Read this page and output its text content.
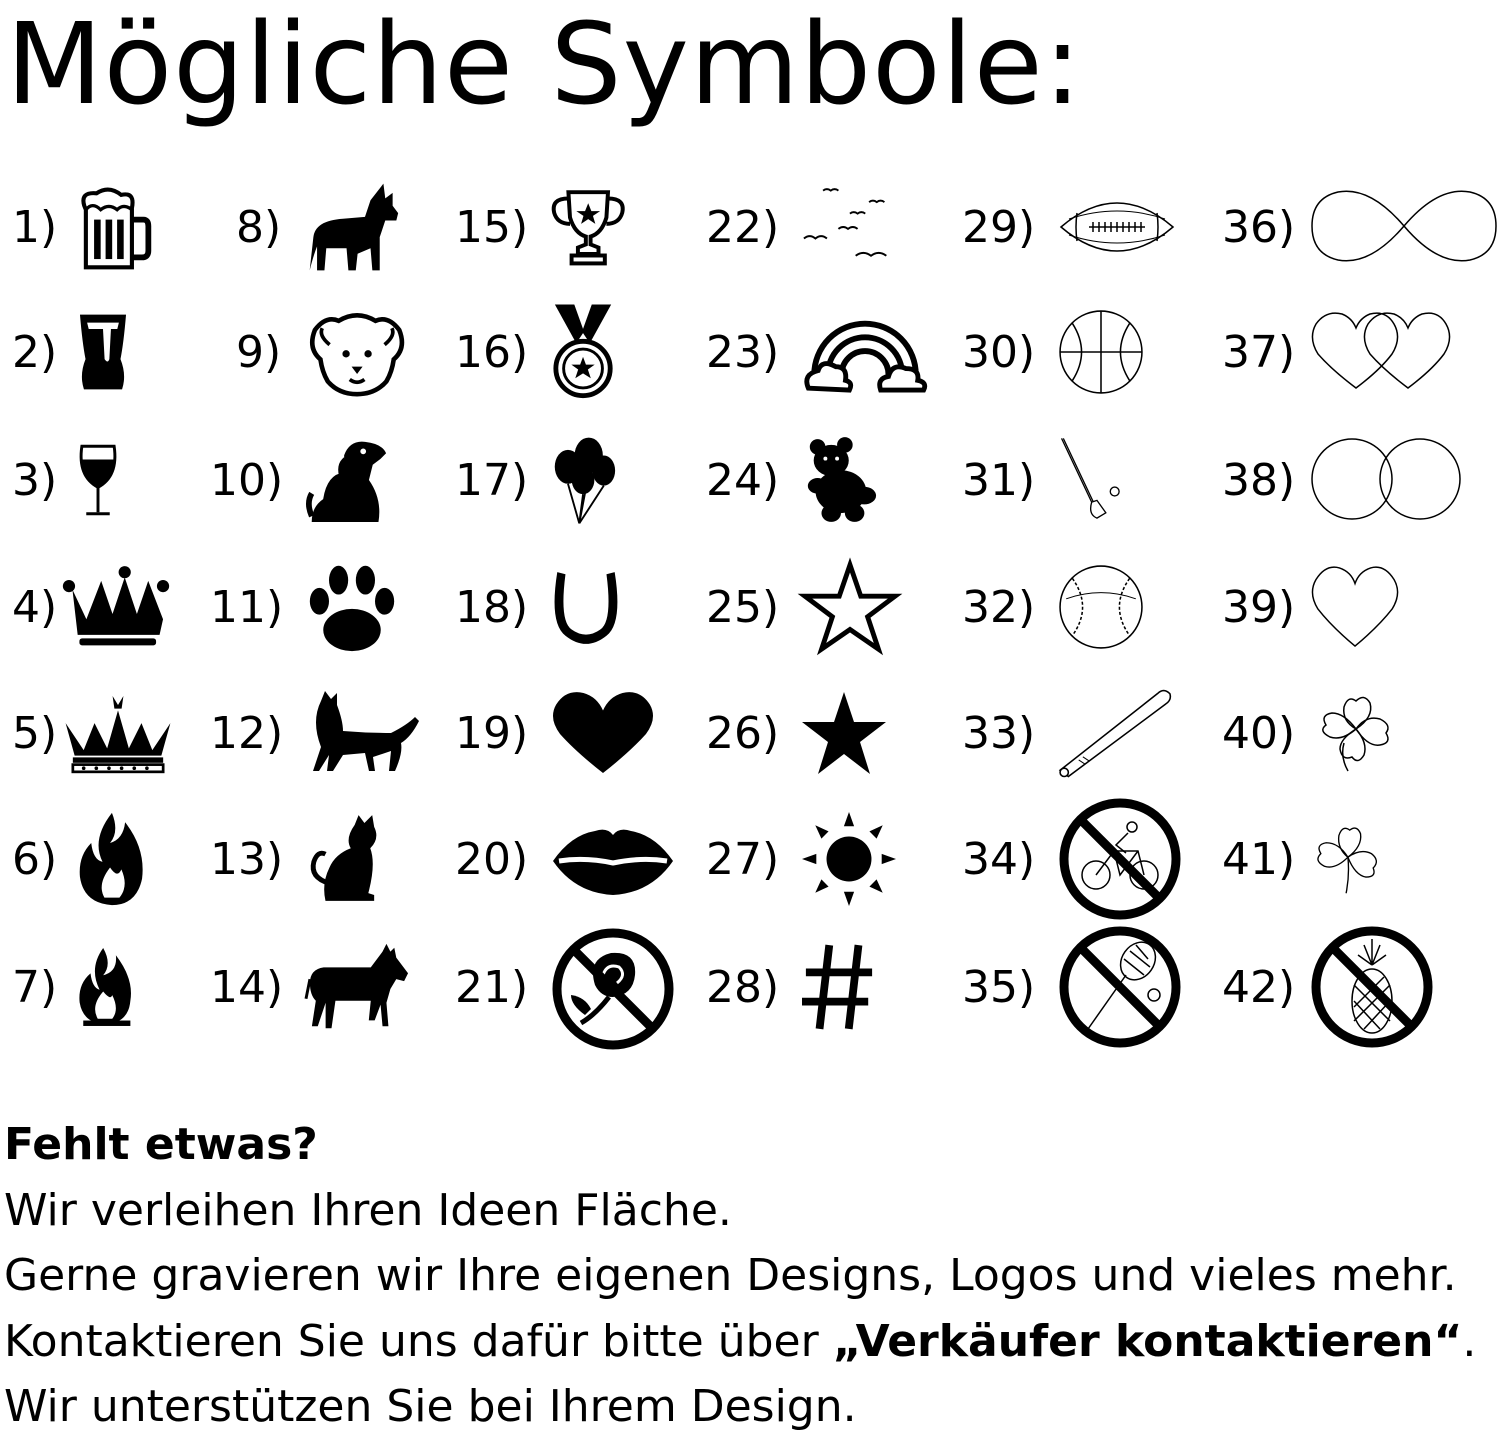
Mögliche Symbole:
1)
2)
3)
4)
5)
6)
7)
8)
9)
10)
11)
12)
13)
14)
15)
16)
17)
18)
19)
20)
21)
22)
23)
24)
25)
26)
27)
28)
29)
30)
31)
32)
33)
34)
35)
36)
37)
38)
39)
40)
41)
42)
Fehlt etwas?
Wir verleihen Ihren Ideen Fläche.
Gerne gravieren wir Ihre eigenen Designs, Logos und vieles mehr.
Kontaktieren Sie uns dafür bitte über „Verkäufer kontaktieren“.
Wir unterstützen Sie bei Ihrem Design.
